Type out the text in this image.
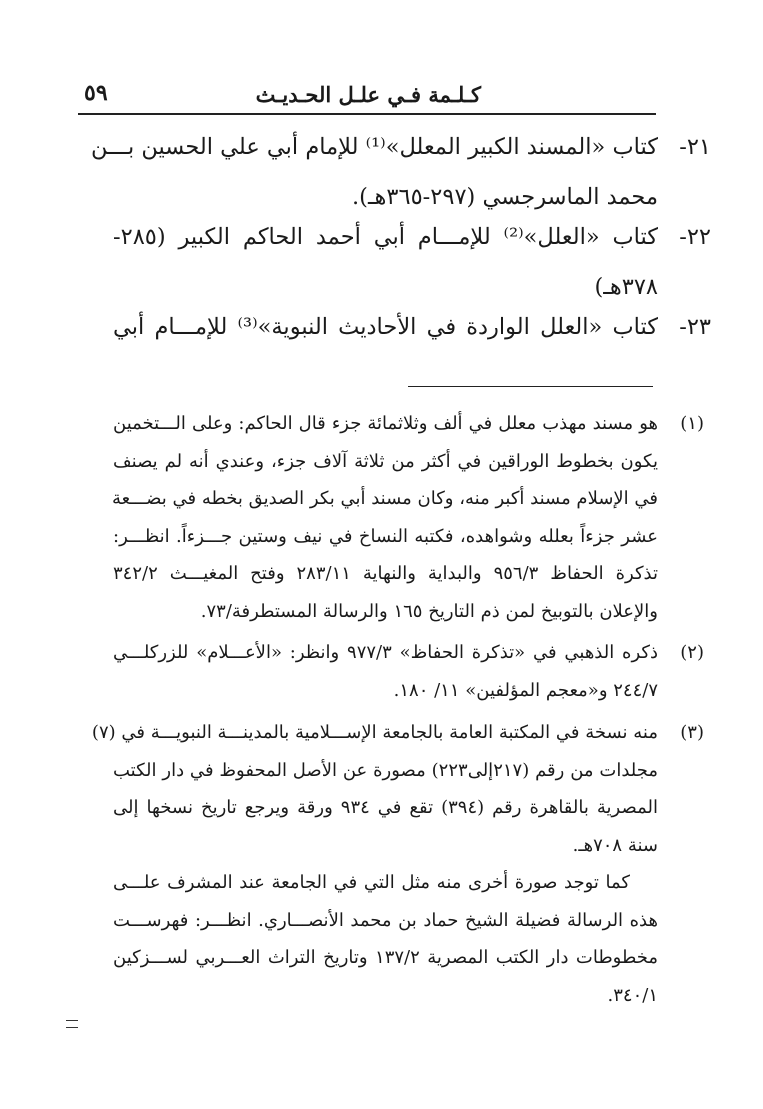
كـلـمة فـي علـل الحـديـث
٥٩
٢١-
كتاب «المسند الكبير المعلل»⁽¹⁾ للإمام أبي علي الحسين بـــن
محمد الماسرجسي (٢٩٧-٣٦٥هـ).
٢٢-
كتاب «العلل»⁽²⁾ للإمـــام أبي أحمد الحاكم الكبير (٢٨٥-
٣٧٨هـ)
٢٣-
كتاب «العلل الواردة في الأحاديث النبوية»⁽³⁾ للإمـــام أبي
(١)
هو مسند مهذب معلل في ألف وثلاثمائة جزء قال الحاكم: وعلى الـــتخمين
يكون بخطوط الوراقين في أكثر من ثلاثة آلاف جزء، وعندي أنه لم يصنف
في الإسلام مسند أكبر منه، وكان مسند أبي بكر الصديق بخطه في بضـــعة
عشر جزءاً بعلله وشواهده، فكتبه النساخ في نيف وستين جـــزءاً. انظـــر:
تذكرة الحفاظ ٩٥٦/٣ والبداية والنهاية ٢٨٣/١١ وفتح المغيـــث ٣٤٢/٢
والإعلان بالتوبيخ لمن ذم التاريخ ١٦٥ والرسالة المستطرفة/٧٣.
(٢)
ذكره الذهبي في «تذكرة الحفاظ» ٩٧٧/٣ وانظر: «الأعـــلام» للزركلـــي
٢٤٤/٧ و«معجم المؤلفين» ١١/ ١٨٠.
(٣)
منه نسخة في المكتبة العامة بالجامعة الإســـلامية بالمدينـــة النبويـــة في (٧)
مجلدات من رقم (٢١٧إلى٢٢٣) مصورة عن الأصل المحفوظ في دار الكتب
المصرية بالقاهرة رقم (٣٩٤) تقع في ٩٣٤ ورقة ويرجع تاريخ نسخها إلى
سنة ٧٠٨هـ.
كما توجد صورة أخرى منه مثل التي في الجامعة عند المشرف علـــى
هذه الرسالة فضيلة الشيخ حماد بن محمد الأنصـــاري. انظـــر: فهرســـت
مخطوطات دار الكتب المصرية ١٣٧/٢ وتاريخ التراث العـــربي لســـزكين
٣٤٠/١.
